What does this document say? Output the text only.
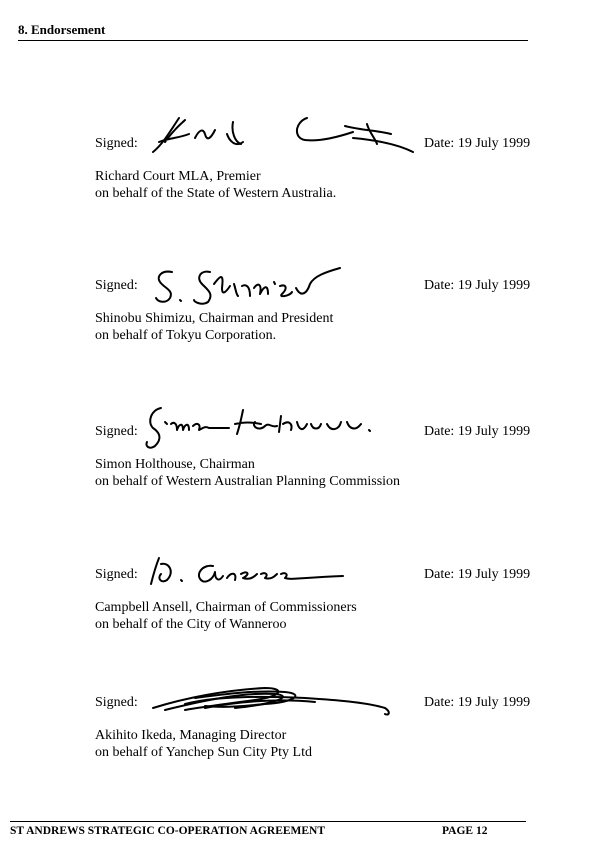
8. Endorsement
Signed:	Date: 19 July 1999
Richard Court MLA, Premier
on behalf of the State of Western Australia.
Signed:	Date: 19 July 1999
Shinobu Shimizu, Chairman and President
on behalf of Tokyu Corporation.
Signed:	Date: 19 July 1999
Simon Holthouse, Chairman
on behalf of Western Australian Planning Commission
Signed:	Date: 19 July 1999
Campbell Ansell, Chairman of Commissioners
on behalf of the City of Wanneroo
Signed:	Date: 19 July 1999
Akihito Ikeda, Managing Director
on behalf of Yanchep Sun City Pty Ltd
ST ANDREWS STRATEGIC CO-OPERATION AGREEMENT	PAGE 12
